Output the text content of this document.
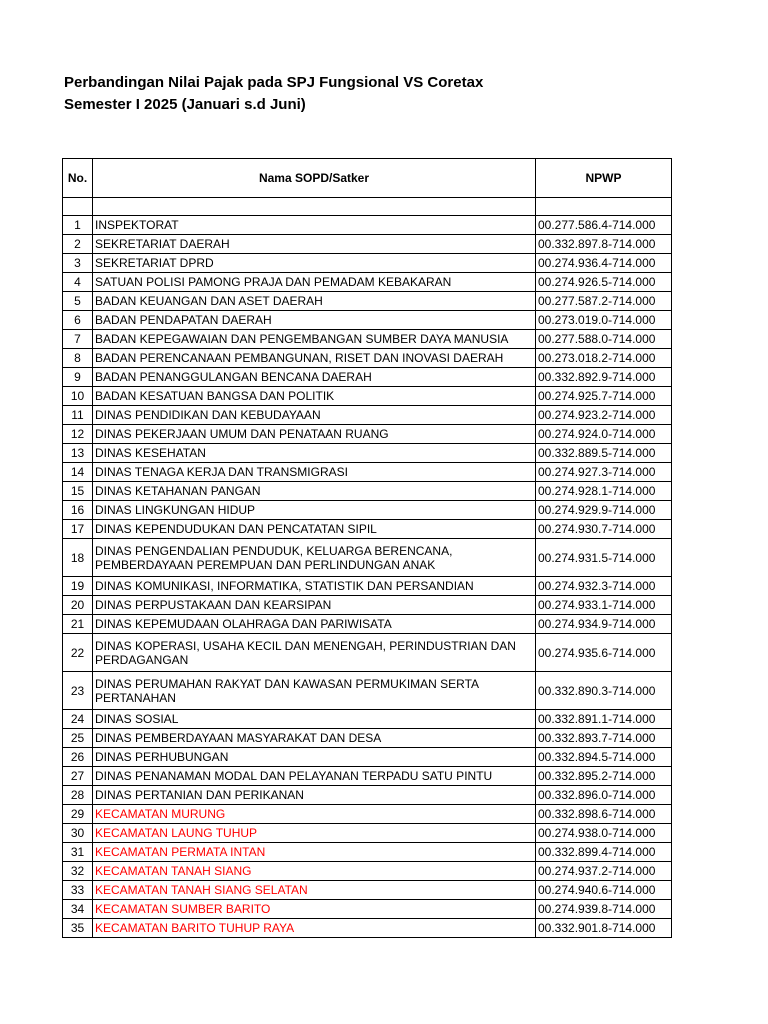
Perbandingan Nilai Pajak pada SPJ Fungsional VS Coretax
Semester I 2025 (Januari s.d Juni)
No.	Nama SOPD/Satker	NPWP

1	INSPEKTORAT	00.277.586.4-714.000
2	SEKRETARIAT DAERAH	00.332.897.8-714.000
3	SEKRETARIAT DPRD	00.274.936.4-714.000
4	SATUAN POLISI PAMONG PRAJA DAN PEMADAM KEBAKARAN	00.274.926.5-714.000
5	BADAN KEUANGAN DAN ASET DAERAH	00.277.587.2-714.000
6	BADAN PENDAPATAN DAERAH	00.273.019.0-714.000
7	BADAN KEPEGAWAIAN DAN PENGEMBANGAN SUMBER DAYA MANUSIA	00.277.588.0-714.000
8	BADAN PERENCANAAN PEMBANGUNAN, RISET DAN INOVASI DAERAH	00.273.018.2-714.000
9	BADAN PENANGGULANGAN BENCANA DAERAH	00.332.892.9-714.000
10	BADAN KESATUAN BANGSA DAN POLITIK	00.274.925.7-714.000
11	DINAS PENDIDIKAN DAN KEBUDAYAAN	00.274.923.2-714.000
12	DINAS PEKERJAAN UMUM DAN PENATAAN RUANG	00.274.924.0-714.000
13	DINAS KESEHATAN	00.332.889.5-714.000
14	DINAS TENAGA KERJA DAN TRANSMIGRASI	00.274.927.3-714.000
15	DINAS KETAHANAN PANGAN	00.274.928.1-714.000
16	DINAS LINGKUNGAN HIDUP	00.274.929.9-714.000
17	DINAS KEPENDUDUKAN DAN PENCATATAN SIPIL	00.274.930.7-714.000
18	DINAS PENGENDALIAN PENDUDUK, KELUARGA BERENCANA, PEMBERDAYAAN PEREMPUAN DAN PERLINDUNGAN ANAK	00.274.931.5-714.000
19	DINAS KOMUNIKASI, INFORMATIKA, STATISTIK DAN PERSANDIAN	00.274.932.3-714.000
20	DINAS PERPUSTAKAAN DAN KEARSIPAN	00.274.933.1-714.000
21	DINAS KEPEMUDAAN OLAHRAGA DAN PARIWISATA	00.274.934.9-714.000
22	DINAS KOPERASI, USAHA KECIL DAN MENENGAH, PERINDUSTRIAN DAN PERDAGANGAN	00.274.935.6-714.000
23	DINAS PERUMAHAN RAKYAT DAN KAWASAN PERMUKIMAN SERTA PERTANAHAN	00.332.890.3-714.000
24	DINAS SOSIAL	00.332.891.1-714.000
25	DINAS PEMBERDAYAAN MASYARAKAT DAN DESA	00.332.893.7-714.000
26	DINAS PERHUBUNGAN	00.332.894.5-714.000
27	DINAS PENANAMAN MODAL DAN PELAYANAN TERPADU SATU PINTU	00.332.895.2-714.000
28	DINAS PERTANIAN DAN PERIKANAN	00.332.896.0-714.000
29	KECAMATAN MURUNG	00.332.898.6-714.000
30	KECAMATAN LAUNG TUHUP	00.274.938.0-714.000
31	KECAMATAN PERMATA INTAN	00.332.899.4-714.000
32	KECAMATAN TANAH SIANG	00.274.937.2-714.000
33	KECAMATAN TANAH SIANG SELATAN	00.274.940.6-714.000
34	KECAMATAN SUMBER BARITO	00.274.939.8-714.000
35	KECAMATAN BARITO TUHUP RAYA	00.332.901.8-714.000
